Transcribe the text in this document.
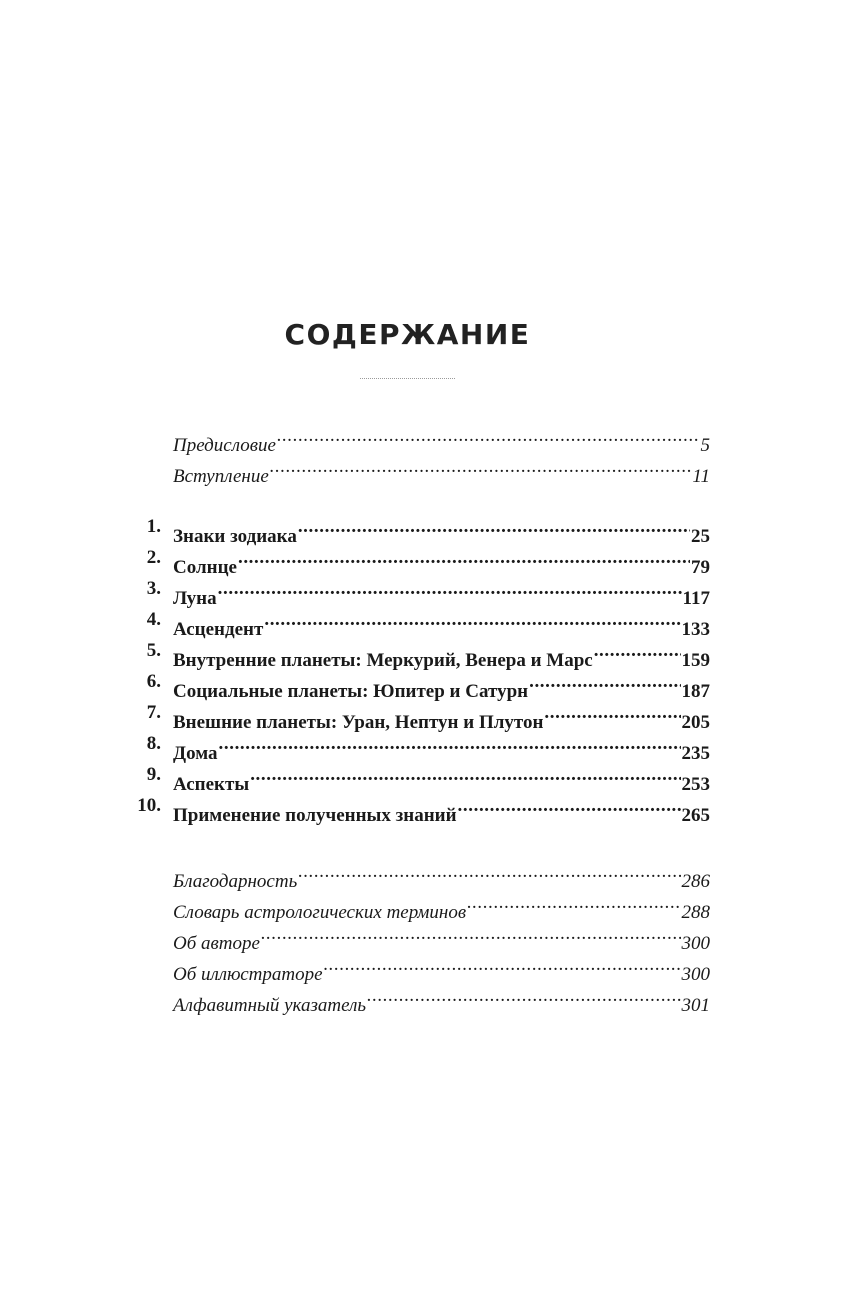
СОДЕРЖАНИЕ
Предисловие .....	5
Вступление .....	11
1. Знаки зодиака .....	25
2. Солнце .....	79
3. Луна .....	117
4. Асцендент .....	133
5. Внутренние планеты: Меркурий, Венера и Марс .....	159
6. Социальные планеты: Юпитер и Сатурн .....	187
7. Внешние планеты: Уран, Нептун и Плутон .....	205
8. Дома .....	235
9. Аспекты .....	253
10. Применение полученных знаний .....	265
Благодарность .....	286
Словарь астрологических терминов .....	288
Об авторе .....	300
Об иллюстраторе .....	300
Алфавитный указатель .....	301
